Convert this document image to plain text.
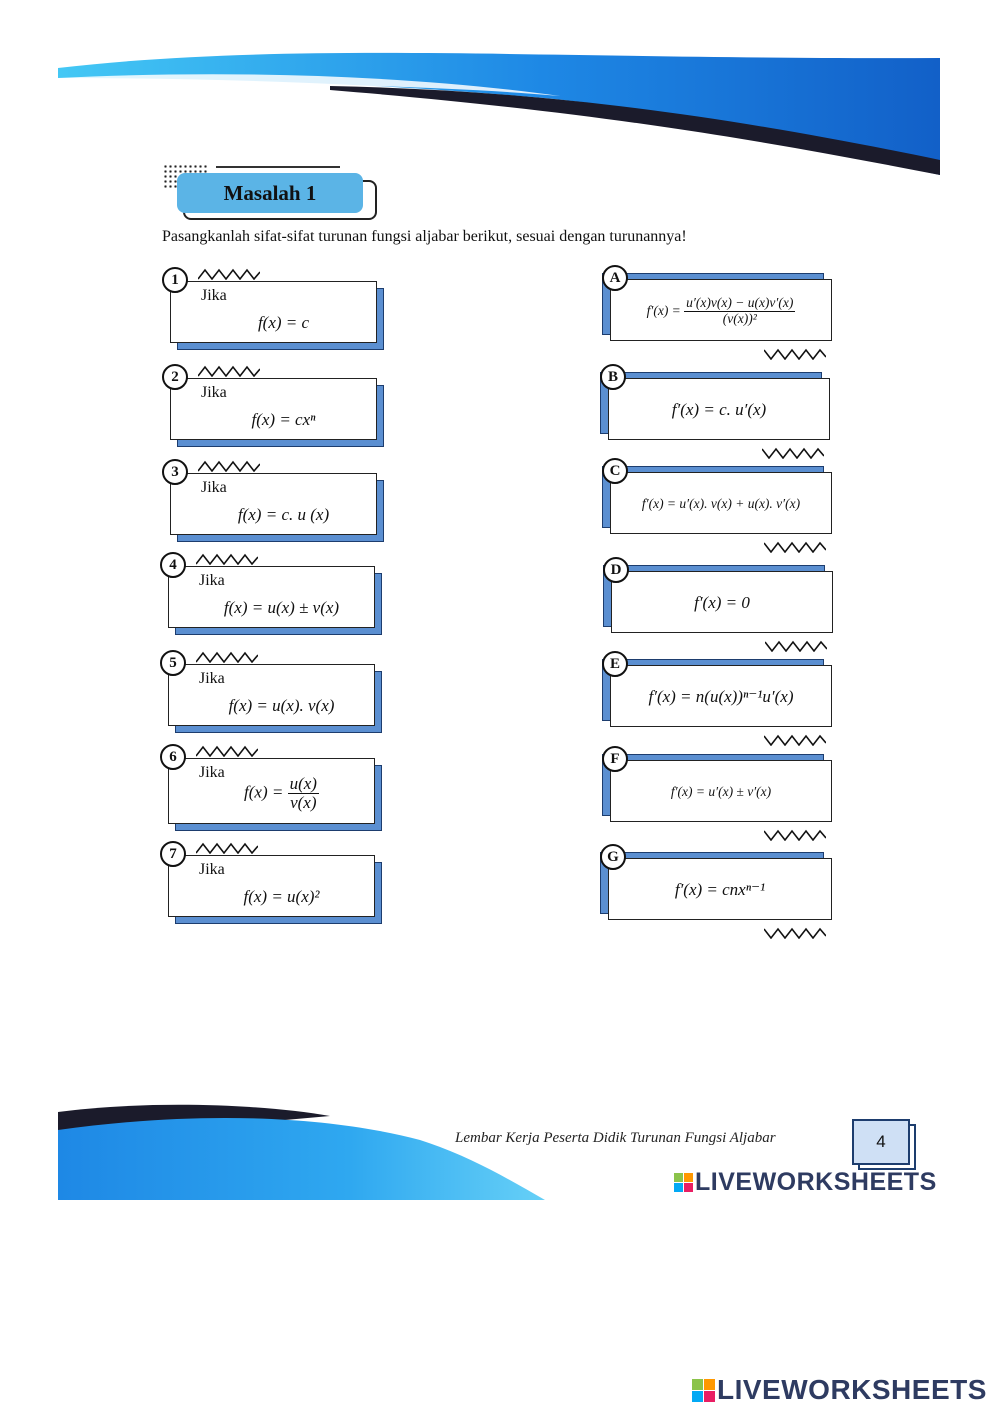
Masalah 1
Pasangkanlah sifat-sifat turunan fungsi aljabar berikut, sesuai dengan turunannya!
Jika
f(x) = c
1
Jika
f(x) = cxⁿ
2
Jika
f(x) = c. u (x)
3
Jika
f(x) = u(x) ± v(x)
4
Jika
f(x) = u(x). v(x)
5
Jika
$f(x) = \frac{u(x)}{v(x)}$
6
Jika
f(x) = u(x)²
7
f′(x) =
$\frac{u'(x)v(x) - u(x)v'(x)}{\text{(v(x))²}}$
A
f′(x) = c. u′(x)
B
f′(x) = u′(x). v(x) + u(x). v′(x)
C
f′(x) = 0
D
f′(x) = n(u(x))ⁿ⁻¹u′(x)
E
f′(x) = u′(x) ± v′(x)
F
f′(x) = cnxⁿ⁻¹
G
Lembar Kerja Peserta Didik Turunan Fungsi Aljabar	4
LIVEWORKSHEETS
LIVEWORKSHEETS
